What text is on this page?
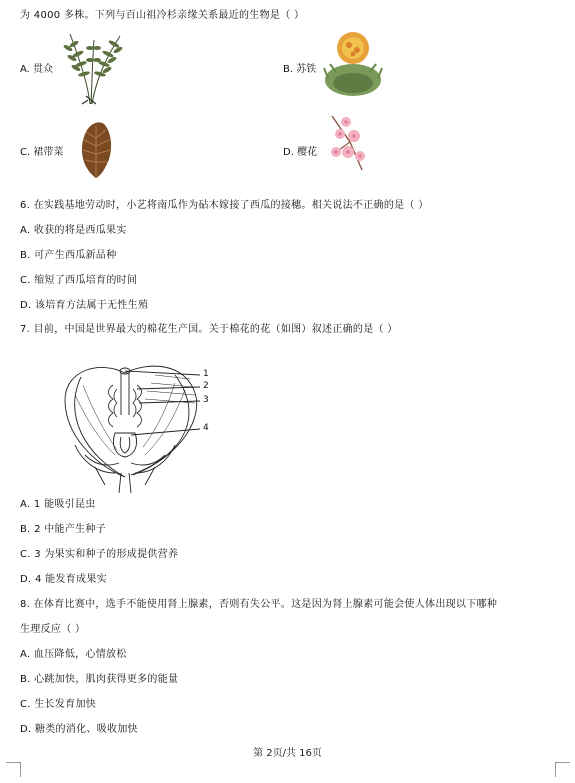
为 4000 多株。下列与百山祖冷杉亲缘关系最近的生物是（ ）
A. 贯众	B. 苏铁
C. 裙带菜	D. 樱花
6. 在实践基地劳动时，小艺将南瓜作为砧木嫁接了西瓜的接穗。相关说法不正确的是（ ）
A. 收获的将是西瓜果实
B. 可产生西瓜新品种
C. 缩短了西瓜培育的时间
D. 该培育方法属于无性生殖
7. 目前，中国是世界最大的棉花生产国。关于棉花的花（如图）叙述正确的是（ ）
1
2
3
4
A. 1 能吸引昆虫
B. 2 中能产生种子
C. 3 为果实和种子的形成提供营养
D. 4 能发育成果实
8. 在体育比赛中，选手不能使用肾上腺素，否则有失公平。这是因为肾上腺素可能会使人体出现以下哪种
生理反应（ ）
A. 血压降低，心情放松
B. 心跳加快，肌肉获得更多的能量
C. 生长发育加快
D. 糖类的消化、吸收加快
第 2页/共 16页
